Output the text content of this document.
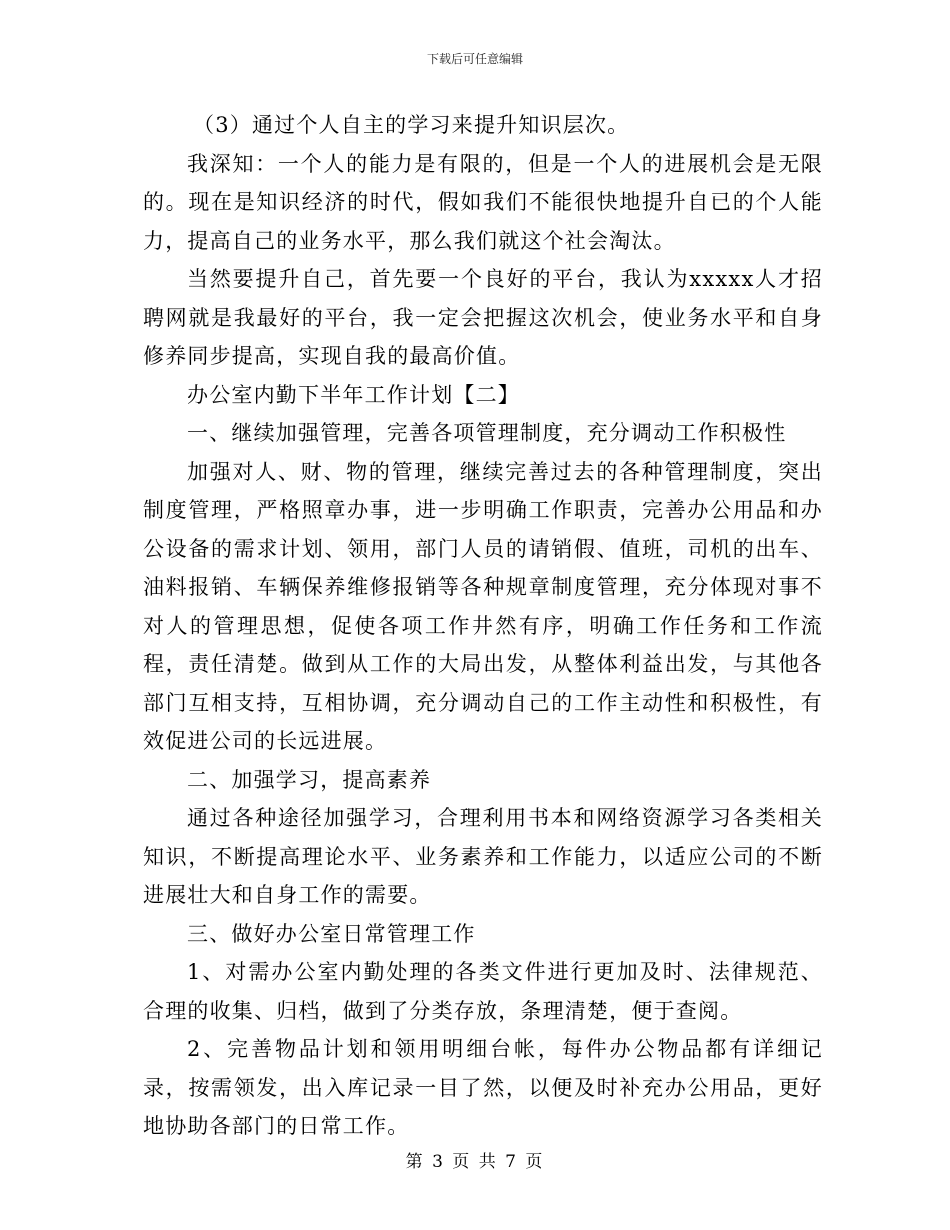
下载后可任意编辑

（3）通过个人自主的学习来提升知识层次。

我深知：一个人的能力是有限的，但是一个人的进展机会是无限的。现在是知识经济的时代，假如我们不能很快地提升自已的个人能力，提高自己的业务水平，那么我们就这个社会淘汰。

当然要提升自己，首先要一个良好的平台，我认为xxxxx人才招聘网就是我最好的平台，我一定会把握这次机会，使业务水平和自身修养同步提高，实现自我的最高价值。

办公室内勤下半年工作计划【二】

一、继续加强管理，完善各项管理制度，充分调动工作积极性

加强对人、财、物的管理，继续完善过去的各种管理制度，突出制度管理，严格照章办事，进一步明确工作职责，完善办公用品和办公设备的需求计划、领用，部门人员的请销假、值班，司机的出车、油料报销、车辆保养维修报销等各种规章制度管理，充分体现对事不对人的管理思想，促使各项工作井然有序，明确工作任务和工作流程，责任清楚。做到从工作的大局出发，从整体利益出发，与其他各部门互相支持，互相协调，充分调动自己的工作主动性和积极性，有效促进公司的长远进展。

二、加强学习，提高素养

通过各种途径加强学习，合理利用书本和网络资源学习各类相关知识，不断提高理论水平、业务素养和工作能力，以适应公司的不断进展壮大和自身工作的需要。

三、做好办公室日常管理工作

1、对需办公室内勤处理的各类文件进行更加及时、法律规范、合理的收集、归档，做到了分类存放，条理清楚，便于查阅。

2、完善物品计划和领用明细台帐，每件办公物品都有详细记录，按需领发，出入库记录一目了然，以便及时补充办公用品，更好地协助各部门的日常工作。

第 3 页 共 7 页
